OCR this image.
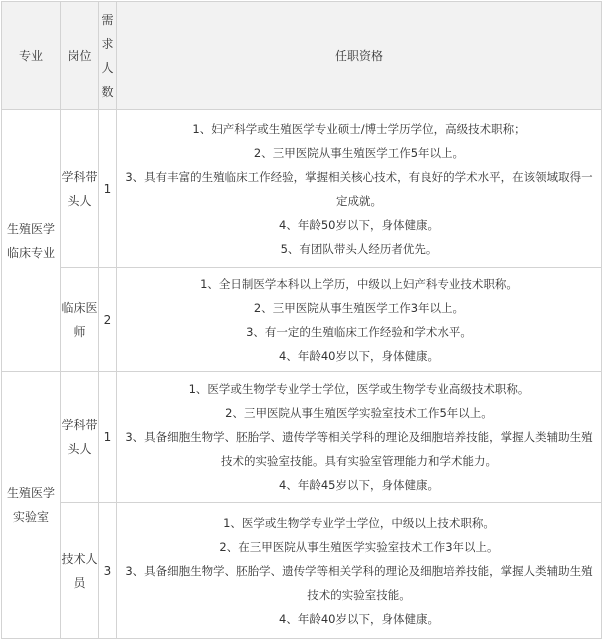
专业	岗位	需求人数	任职资格
生殖医学临床专业	学科带头人	1	1、妇产科学或生殖医学专业硕士/博士学历学位，高级技术职称；

2、三甲医院从事生殖医学工作5年以上。

3、具有丰富的生殖临床工作经验，掌握相关核心技术，有良好的学术水平，在该领域取得一定成就。

4、年龄50岁以下，身体健康。

5、有团队带头人经历者优先。

	临床医师	2	1、全日制医学本科以上学历，中级以上妇产科专业技术职称。

2、三甲医院从事生殖医学工作3年以上。

3、有一定的生殖临床工作经验和学术水平。

4、年龄40岁以下，身体健康。

生殖医学实验室	学科带头人	1	1、医学或生物学专业学士学位，医学或生物学专业高级技术职称。

2、三甲医院从事生殖医学实验室技术工作5年以上。

3、具备细胞生物学、胚胎学、遗传学等相关学科的理论及细胞培养技能，掌握人类辅助生殖技术的实验室技能。具有实验室管理能力和学术能力。

4、年龄45岁以下，身体健康。

	技术人员	3	1、医学或生物学专业学士学位，中级以上技术职称。

2、在三甲医院从事生殖医学实验室技术工作3年以上。

3、具备细胞生物学、胚胎学、遗传学等相关学科的理论及细胞培养技能，掌握人类辅助生殖技术的实验室技能。

4、年龄40岁以下，身体健康。
